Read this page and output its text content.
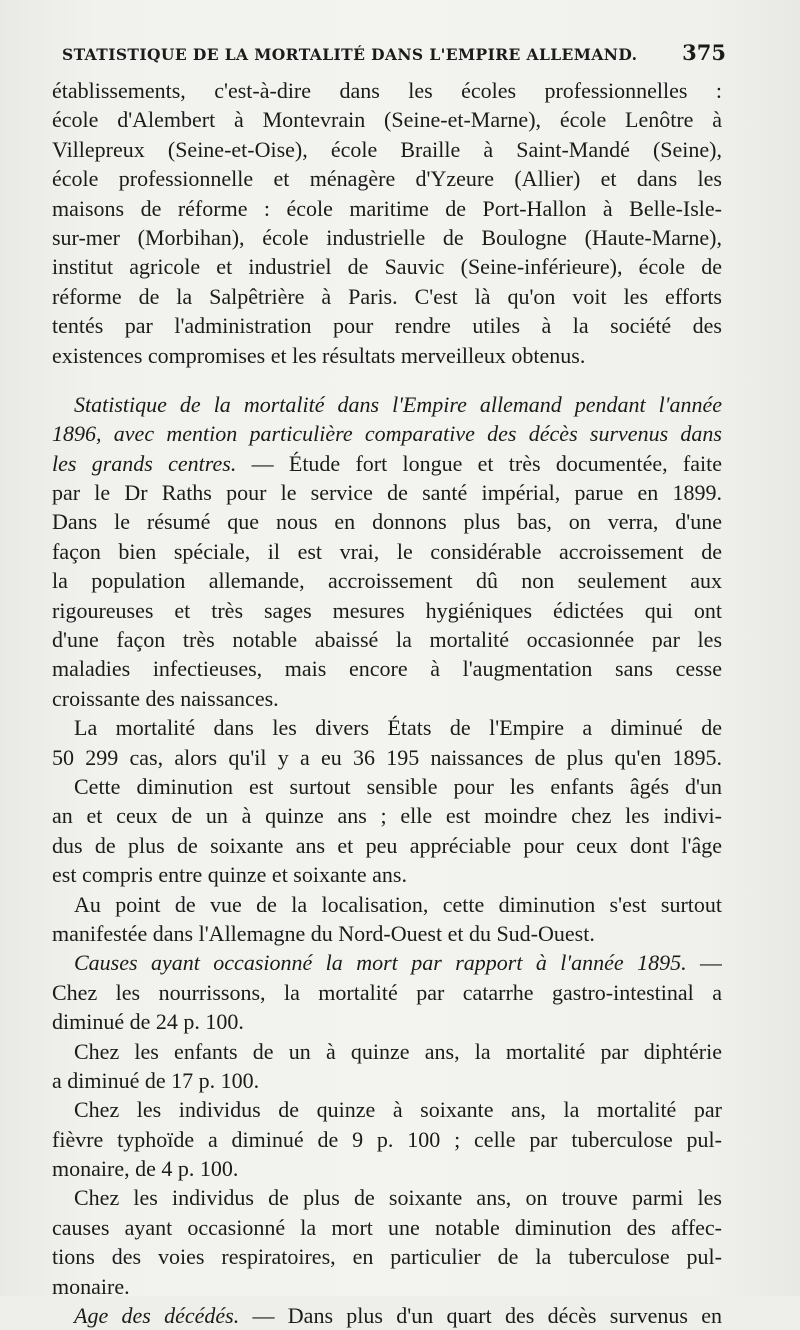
STATISTIQUE DE LA MORTALITÉ DANS L'EMPIRE ALLEMAND. 375
établissements, c'est-à-dire dans les écoles professionnelles :
école d'Alembert à Montevrain (Seine-et-Marne), école Lenôtre à
Villepreux (Seine-et-Oise), école Braille à Saint-Mandé (Seine),
école professionnelle et ménagère d'Yzeure (Allier) et dans les
maisons de réforme : école maritime de Port-Hallon à Belle-Isle-
sur-mer (Morbihan), école industrielle de Boulogne (Haute-Marne),
institut agricole et industriel de Sauvic (Seine-inférieure), école de
réforme de la Salpêtrière à Paris. C'est là qu'on voit les efforts
tentés par l'administration pour rendre utiles à la société des
existences compromises et les résultats merveilleux obtenus.
Statistique de la mortalité dans l'Empire allemand pendant l'année
1896, avec mention particulière comparative des décès survenus dans
les grands centres. — Étude fort longue et très documentée, faite
par le Dr Raths pour le service de santé impérial, parue en 1899.
Dans le résumé que nous en donnons plus bas, on verra, d'une
façon bien spéciale, il est vrai, le considérable accroissement de
la population allemande, accroissement dû non seulement aux
rigoureuses et très sages mesures hygiéniques édictées qui ont
d'une façon très notable abaissé la mortalité occasionnée par les
maladies infectieuses, mais encore à l'augmentation sans cesse
croissante des naissances.
La mortalité dans les divers États de l'Empire a diminué de
50 299 cas, alors qu'il y a eu 36 195 naissances de plus qu'en 1895.
Cette diminution est surtout sensible pour les enfants âgés d'un
an et ceux de un à quinze ans ; elle est moindre chez les indivi-
dus de plus de soixante ans et peu appréciable pour ceux dont l'âge
est compris entre quinze et soixante ans.
Au point de vue de la localisation, cette diminution s'est surtout
manifestée dans l'Allemagne du Nord-Ouest et du Sud-Ouest.
Causes ayant occasionné la mort par rapport à l'année 1895. —
Chez les nourrissons, la mortalité par catarrhe gastro-intestinal a
diminué de 24 p. 100.
Chez les enfants de un à quinze ans, la mortalité par diphtérie
a diminué de 17 p. 100.
Chez les individus de quinze à soixante ans, la mortalité par
fièvre typhoïde a diminué de 9 p. 100 ; celle par tuberculose pul-
monaire, de 4 p. 100.
Chez les individus de plus de soixante ans, on trouve parmi les
causes ayant occasionné la mort une notable diminution des affec-
tions des voies respiratoires, en particulier de la tuberculose pul-
monaire.
Age des décédés. — Dans plus d'un quart des décès survenus en
